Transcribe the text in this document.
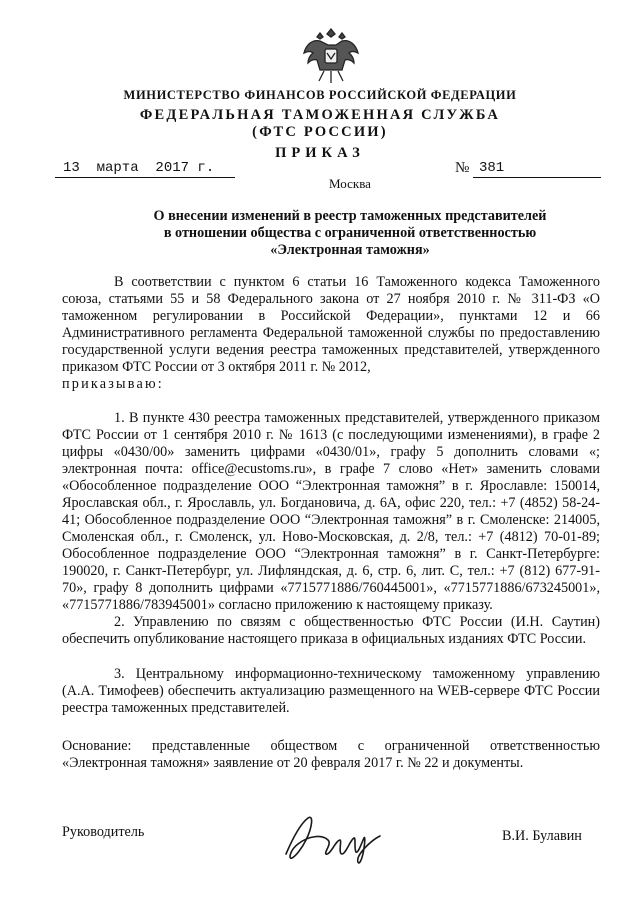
МИНИСТЕРСТВО ФИНАНСОВ РОССИЙСКОЙ ФЕДЕРАЦИИ
ФЕДЕРАЛЬНАЯ ТАМОЖЕННАЯ СЛУЖБА
(ФТС РОССИИ)
ПРИКАЗ
13  марта  2017 г.	№ 381
Москва
О внесении изменений в реестр таможенных представителей
в отношении общества с ограниченной ответственностью
«Электронная таможня»

В соответствии с пунктом 6 статьи 16 Таможенного кодекса Таможенного союза, статьями 55 и 58 Федерального закона от 27 ноября 2010 г. № 311-ФЗ «О таможенном регулировании в Российской Федерации», пунктами 12 и 66 Административного регламента Федеральной таможенной службы по предоставлению государственной услуги ведения реестра таможенных представителей, утвержденного приказом ФТС России от 3 октября 2011 г. № 2012,

приказываю:

1. В пункте 430 реестра таможенных представителей, утвержденного приказом ФТС России от 1 сентября 2010 г. № 1613 (с последующими изменениями), в графе 2 цифры «0430/00» заменить цифрами «0430/01», графу 5 дополнить словами «; электронная почта: office@ecustoms.ru», в графе 7 слово «Нет» заменить словами «Обособленное подразделение ООО “Электронная таможня” в г. Ярославле: 150014, Ярославская обл., г. Ярославль, ул. Богдановича, д. 6А, офис 220, тел.: +7 (4852) 58-24-41; Обособленное подразделение ООО “Электронная таможня” в г. Смоленске: 214005, Смоленская обл., г. Смоленск, ул. Ново-Московская, д. 2/8, тел.: +7 (4812) 70-01-89; Обособленное подразделение ООО “Электронная таможня” в г. Санкт-Петербурге: 190020, г. Санкт-Петербург, ул. Лифляндская, д. 6, стр. 6, лит. С, тел.: +7 (812) 677-91-70», графу 8 дополнить цифрами «7715771886/760445001», «7715771886/673245001», «7715771886/783945001» согласно приложению к настоящему приказу.

2. Управлению по связям с общественностью ФТС России (И.Н. Саутин) обеспечить опубликование настоящего приказа в официальных изданиях ФТС России.

3. Центральному информационно-техническому таможенному управлению (А.А. Тимофеев) обеспечить актуализацию размещенного на WEB-сервере ФТС России реестра таможенных представителей.

Основание: представленные обществом с ограниченной ответственностью «Электронная таможня» заявление от 20 февраля 2017 г. № 22 и документы.

Руководитель	В.И. Булавин
